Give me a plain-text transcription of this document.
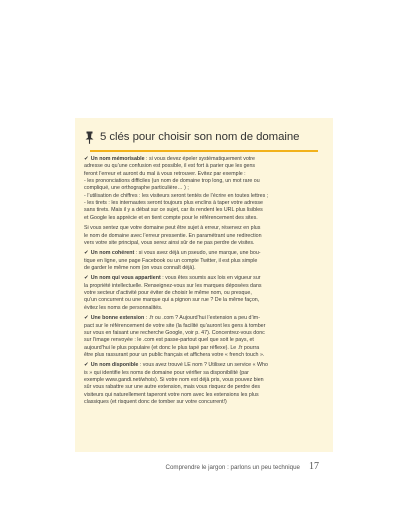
5 clés pour choisir son nom de domaine
✔ Un nom mémorisable : si vous devez épeler systématiquement votre
adresse ou qu’une confusion est possible, il est fort à parier que les gens
feront l’erreur et auront du mal à vous retrouver. Évitez par exemple :
- les prononciations difficiles (un nom de domaine trop long, un mot rare ou
compliqué, une orthographe particulière… ) ;
- l’utilisation de chiffres : les visiteurs seront tentés de l’écrire en toutes lettres ;
- les tirets : les internautes seront toujours plus enclins à taper votre adresse
sans tirets. Mais il y a débat sur ce sujet, car ils rendent les URL plus lisibles
et Google les apprécie et en tient compte pour le référencement des sites.
Si vous sentez que votre domaine peut être sujet à erreur, réservez en plus
le nom de domaine avec l’erreur pressentie. En paramétrant une redirection
vers votre site principal, vous serez ainsi sûr de ne pas perdre de visites.
✔ Un nom cohérent : si vous avez déjà un pseudo, une marque, une bou-
tique en ligne, une page Facebook ou un compte Twitter, il est plus simple
de garder le même nom (on vous connaît déjà).
✔ Un nom qui vous appartient : vous êtes soumis aux lois en vigueur sur
la propriété intellectuelle. Renseignez-vous sur les marques déposées dans
votre secteur d’activité pour éviter de choisir le même nom, ou presque,
qu’un concurrent ou une marque qui a pignon sur rue ? De la même façon,
évitez les noms de personnalités.
✔ Une bonne extension : .fr ou .com ? Aujourd’hui l’extension a peu d’im-
pact sur le référencement de votre site (la facilité qu’auront les gens à tomber
sur vous en faisant une recherche Google, voir p. 47). Concentrez-vous donc
sur l’image renvoyée : le .com est passe-partout quel que soit le pays, et
aujourd’hui le plus populaire (et donc le plus tapé par réflexe). Le .fr pourra
être plus rassurant pour un public français et affichera votre « french touch ».
✔ Un nom disponible : vous avez trouvé LE nom ? Utilisez un service « Who
is » qui identifie les noms de domaine pour vérifier sa disponibilité (par
exemple www.gandi.net/whois). Si votre nom est déjà pris, vous pouvez bien
sûr vous rabattre sur une autre extension, mais vous risquez de perdre des
visiteurs qui naturellement taperont votre nom avec les extensions les plus
classiques (et risquent donc de tomber sur votre concurrent!)
Comprendre le jargon : parlons un peu technique 17
